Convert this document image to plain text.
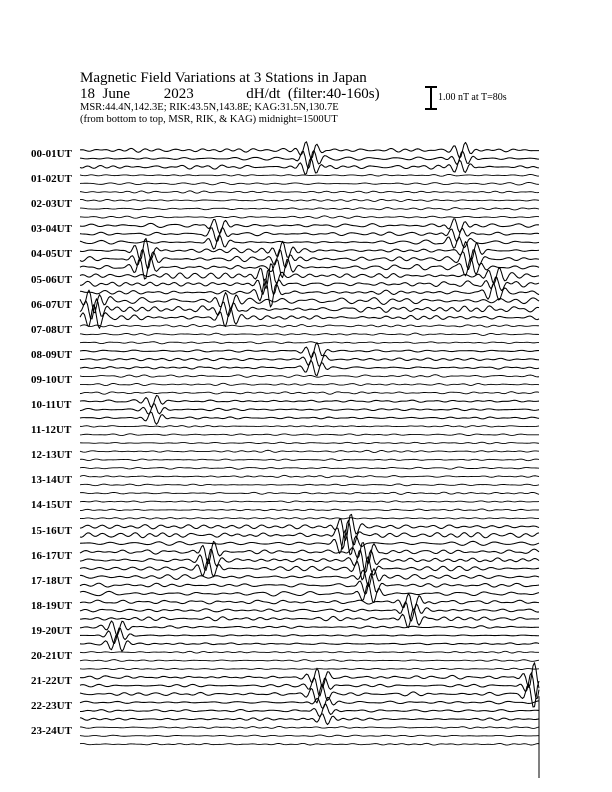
Magnetic Field Variations at 3 Stations in Japan
18 June 2023	dH/dt (filter:40-160s)
MSR:44.4N,142.3E; RIK:43.5N,143.8E; KAG:31.5N,130.7E
(from bottom to top, MSR, RIK, & KAG) midnight=1500UT
1.00 nT at T=80s
00-01UT
01-02UT
02-03UT
03-04UT
04-05UT
05-06UT
06-07UT
07-08UT
08-09UT
09-10UT
10-11UT
11-12UT
12-13UT
13-14UT
14-15UT
15-16UT
16-17UT
17-18UT
18-19UT
19-20UT
20-21UT
21-22UT
22-23UT
23-24UT
